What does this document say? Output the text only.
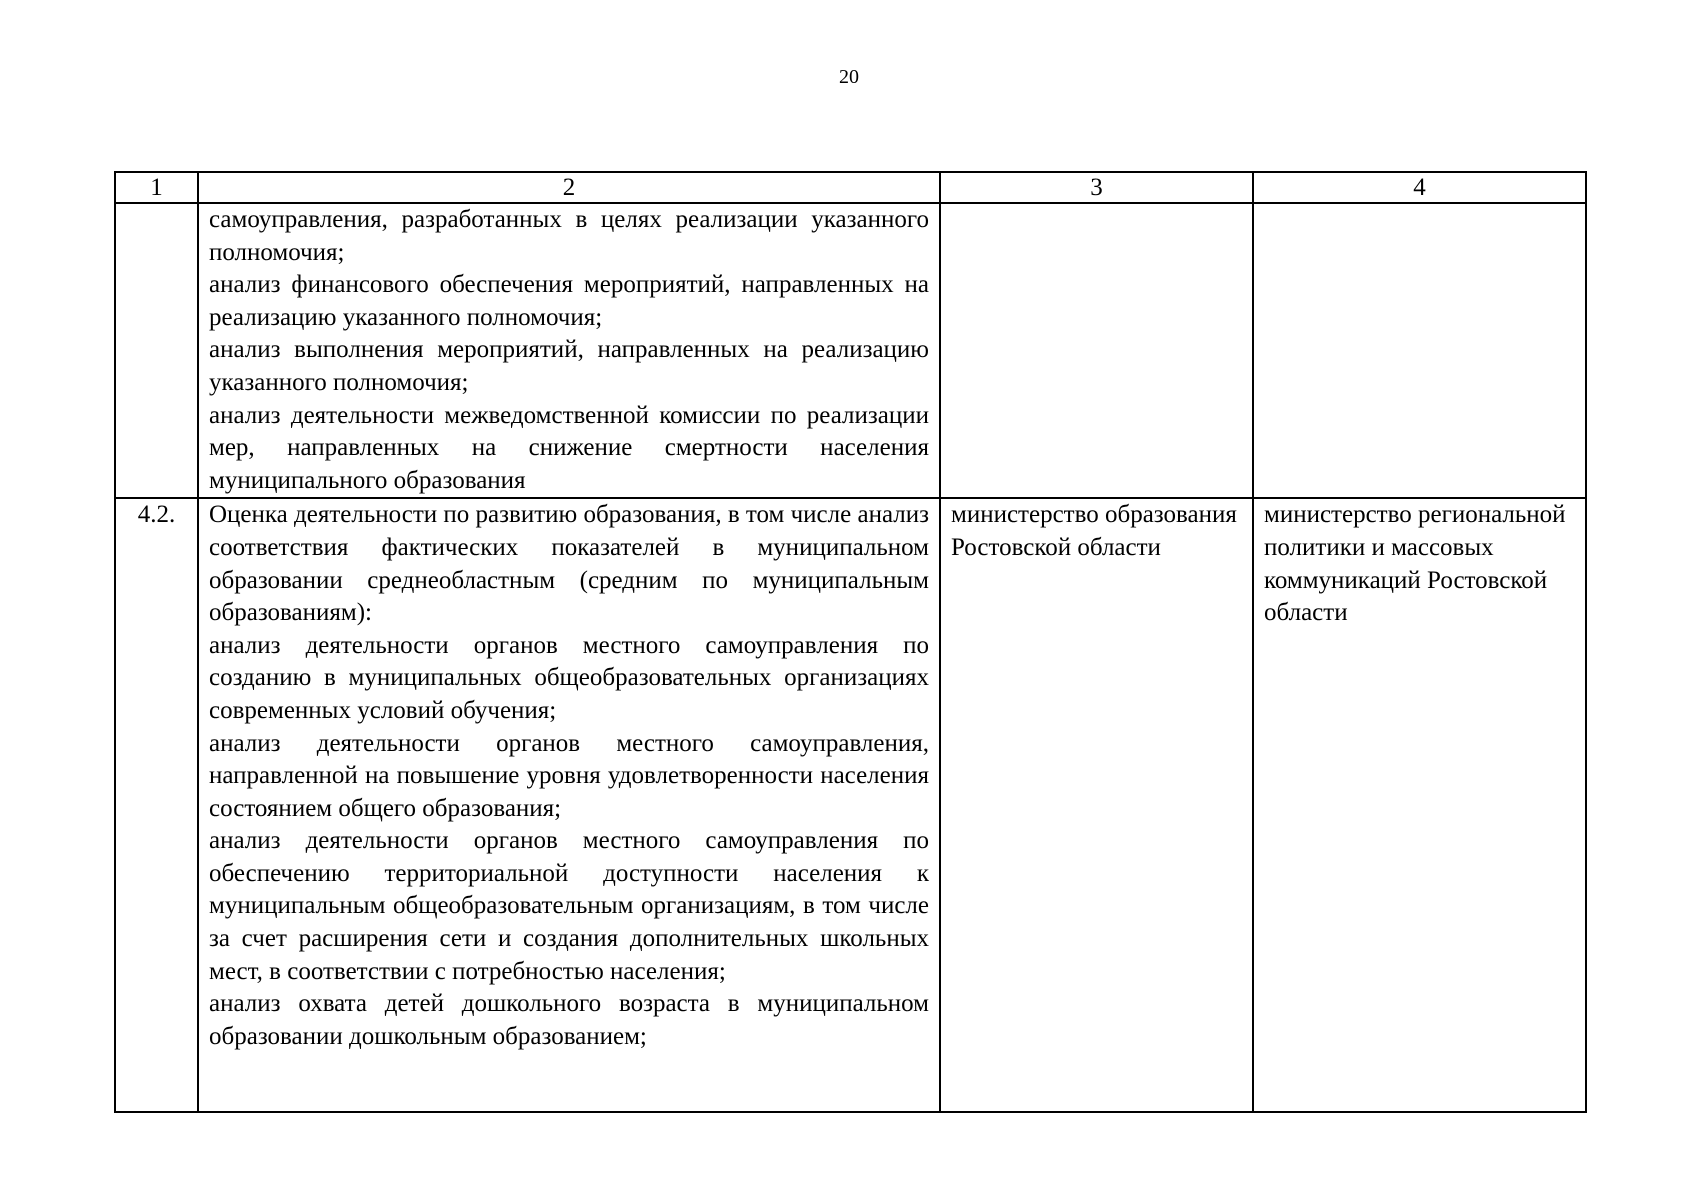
20
1	2	3	4

	самоуправления, разработанных в целях реализации указанного полномочия;
анализ финансового обеспечения мероприятий, направленных на реализацию указанного полномочия;
анализ выполнения мероприятий, направленных на реализацию указанного полномочия;
анализ деятельности межведомственной комиссии по реализации мер, направленных на снижение смертности населения муниципального образования		

4.2.	Оценка деятельности по развитию образования, в том числе анализ соответствия фактических показателей в муниципальном образовании среднеобластным (средним по муниципальным образованиям):
анализ деятельности органов местного самоуправления по созданию в муниципальных общеобразовательных организациях современных условий обучения;
анализ деятельности органов местного самоуправления, направленной на повышение уровня удовлетворенности населения состоянием общего образования;
анализ деятельности органов местного самоуправления по обеспечению территориальной доступности населения к муниципальным общеобразовательным организациям, в том числе за счет расширения сети и создания дополнительных школьных мест, в соответствии с потребностью населения;
анализ охвата детей дошкольного возраста в муниципальном образовании дошкольным образованием;	министерство образования Ростовской области	министерство региональной политики и массовых коммуникаций Ростовской области
